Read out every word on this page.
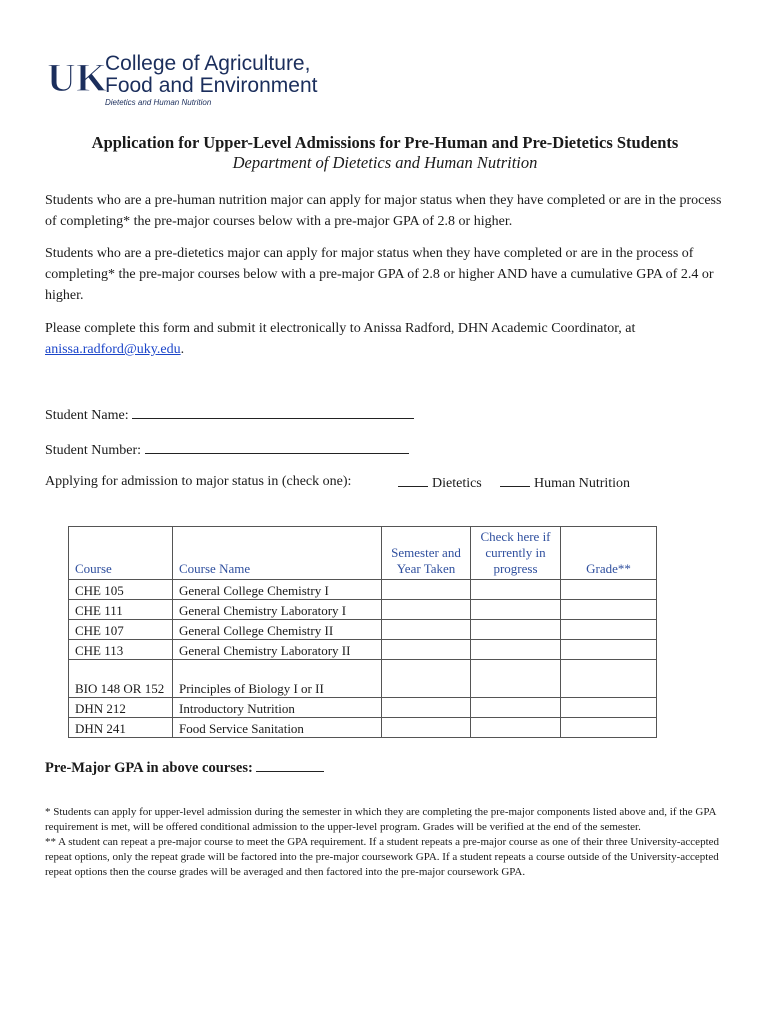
UK
College of Agriculture,
Food and Environment
Dietetics and Human Nutrition
Application for Upper-Level Admissions for Pre-Human and Pre-Dietetics Students
Department of Dietetics and Human Nutrition
Students who are a pre-human nutrition major can apply for major status when they have completed or are in the process of completing* the pre-major courses below with a pre-major GPA of 2.8 or higher.
Students who are a pre-dietetics major can apply for major status when they have completed or are in the process of completing* the pre-major courses below with a pre-major GPA of 2.8 or higher AND have a cumulative GPA of 2.4 or higher.
Please complete this form and submit it electronically to Anissa Radford, DHN Academic Coordinator, at anissa.radford@uky.edu.
Student Name:
Student Number:
Applying for admission to major status in (check one):	Dietetics	Human Nutrition
Course	Course Name	Semester and Year Taken	Check here if currently in progress	Grade**
CHE 105	General College Chemistry I			
CHE 111	General Chemistry Laboratory I			
CHE 107	General College Chemistry II			
CHE 113	General Chemistry Laboratory II			
BIO 148 OR 152	Principles of Biology I or II			
DHN 212	Introductory Nutrition			
DHN 241	Food Service Sanitation			
Pre-Major GPA in above courses:

* Students can apply for upper-level admission during the semester in which they are completing the pre-major components listed above and, if the GPA requirement is met, will be offered conditional admission to the upper-level program. Grades will be verified at the end of the semester.

** A student can repeat a pre-major course to meet the GPA requirement. If a student repeats a pre-major course as one of their three University-accepted repeat options, only the repeat grade will be factored into the pre-major coursework GPA. If a student repeats a course outside of the University-accepted repeat options then the course grades will be averaged and then factored into the pre-major coursework GPA.
